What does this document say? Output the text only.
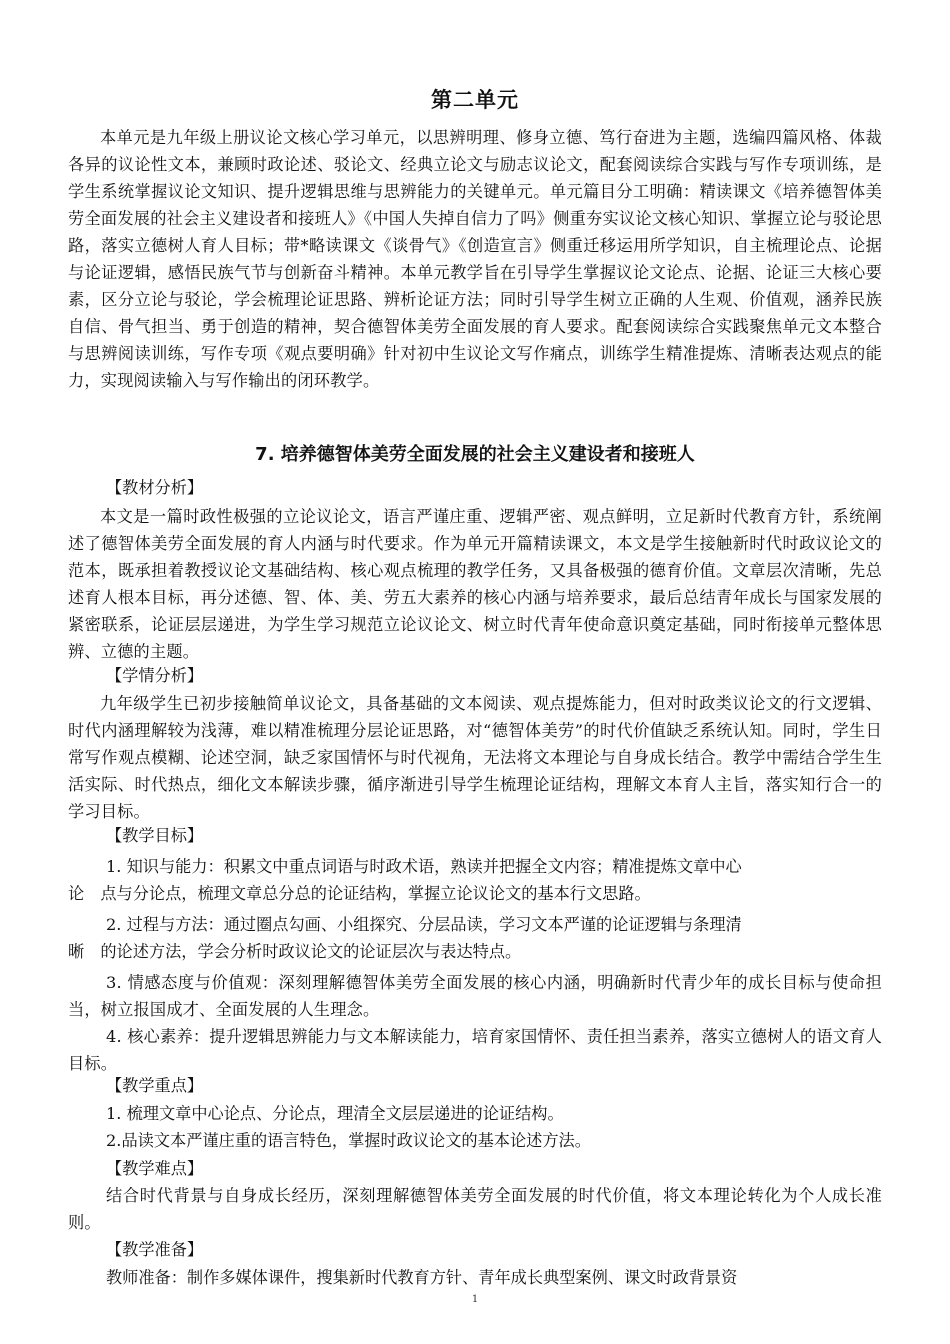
第二单元
本单元是九年级上册议论文核心学习单元，以思辨明理、修身立德、笃行奋进为主题，选编四篇风格、体裁各异的议论性文本，兼顾时政论述、驳论文、经典立论文与励志议论文，配套阅读综合实践与写作专项训练，是学生系统掌握议论文知识、提升逻辑思维与思辨能力的关键单元。单元篇目分工明确：精读课文《培养德智体美劳全面发展的社会主义建设者和接班人》《中国人失掉自信力了吗》侧重夯实议论文核心知识、掌握立论与驳论思路，落实立德树人育人目标；带*略读课文《谈骨气》《创造宣言》侧重迁移运用所学知识，自主梳理论点、论据与论证逻辑，感悟民族气节与创新奋斗精神。本单元教学旨在引导学生掌握议论文论点、论据、论证三大核心要素，区分立论与驳论，学会梳理论证思路、辨析论证方法；同时引导学生树立正确的人生观、价值观，涵养民族自信、骨气担当、勇于创造的精神，契合德智体美劳全面发展的育人要求。配套阅读综合实践聚焦单元文本整合与思辨阅读训练，写作专项《观点要明确》针对初中生议论文写作痛点，训练学生精准提炼、清晰表达观点的能力，实现阅读输入与写作输出的闭环教学。
7. 培养德智体美劳全面发展的社会主义建设者和接班人
【教材分析】
本文是一篇时政性极强的立论议论文，语言严谨庄重、逻辑严密、观点鲜明，立足新时代教育方针，系统阐述了德智体美劳全面发展的育人内涵与时代要求。作为单元开篇精读课文，本文是学生接触新时代时政议论文的范本，既承担着教授议论文基础结构、核心观点梳理的教学任务，又具备极强的德育价值。文章层次清晰，先总述育人根本目标，再分述德、智、体、美、劳五大素养的核心内涵与培养要求，最后总结青年成长与国家发展的紧密联系，论证层层递进，为学生学习规范立论议论文、树立时代青年使命意识奠定基础，同时衔接单元整体思辨、立德的主题。
【学情分析】
九年级学生已初步接触简单议论文，具备基础的文本阅读、观点提炼能力，但对时政类议论文的行文逻辑、时代内涵理解较为浅薄，难以精准梳理分层论证思路，对“德智体美劳”的时代价值缺乏系统认知。同时，学生日常写作观点模糊、论述空洞，缺乏家国情怀与时代视角，无法将文本理论与自身成长结合。教学中需结合学生生活实际、时代热点，细化文本解读步骤，循序渐进引导学生梳理论证结构，理解文本育人主旨，落实知行合一的学习目标。
【教学目标】
1. 知识与能力：积累文中重点词语与时政术语，熟读并把握全文内容；精准提炼文章中心
论　点与分论点，梳理文章总分总的论证结构，掌握立论议论文的基本行文思路。
2. 过程与方法：通过圈点勾画、小组探究、分层品读，学习文本严谨的论证逻辑与条理清
晰　的论述方法，学会分析时政议论文的论证层次与表达特点。
3. 情感态度与价值观：深刻理解德智体美劳全面发展的核心内涵，明确新时代青少年的成长目标与使命担当，树立报国成才、全面发展的人生理念。
4. 核心素养：提升逻辑思辨能力与文本解读能力，培育家国情怀、责任担当素养，落实立德树人的语文育人目标。
【教学重点】
1. 梳理文章中心论点、分论点，理清全文层层递进的论证结构。
2.品读文本严谨庄重的语言特色，掌握时政议论文的基本论述方法。
【教学难点】
结合时代背景与自身成长经历，深刻理解德智体美劳全面发展的时代价值，将文本理论转化为个人成长准则。
【教学准备】
教师准备：制作多媒体课件，搜集新时代教育方针、青年成长典型案例、课文时政背景资
1
